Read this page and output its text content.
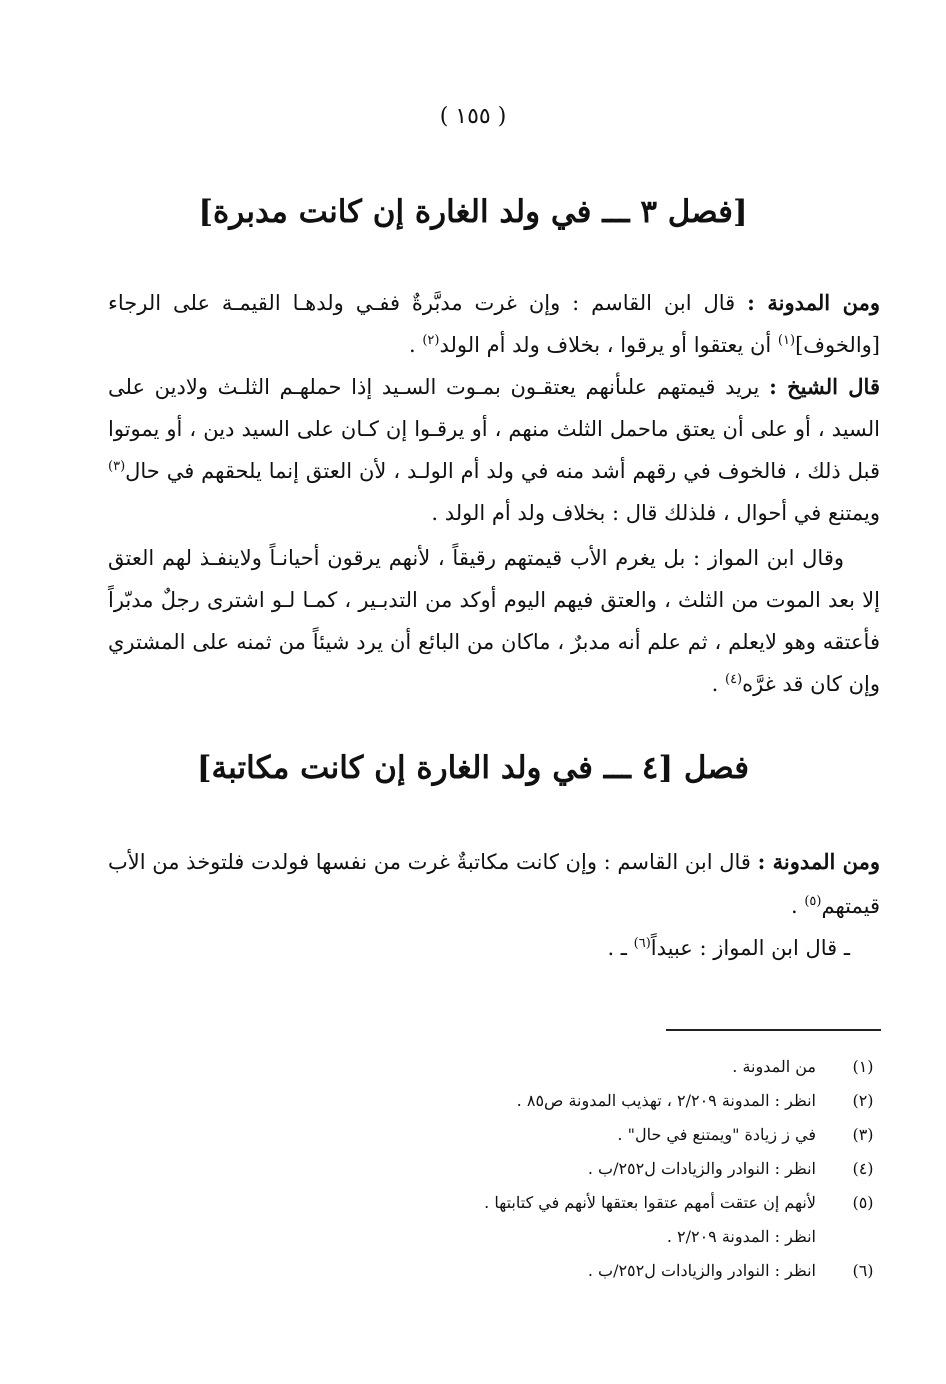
( ١٥٥ )
[فصل ٣ ـــ في ولد الغارة إن كانت مدبرة]

ومن المدونة : قال ابن القاسم : وإن غرت مدبَّرةٌ ففـي ولدهـا القيمـة على الرجاء [والخوف]$^{(١)}$ أن يعتقوا أو يرقوا ، بخلاف ولد أم الولد$^{(٢)}$ .

قال الشيخ : يريد قيمتهم علىأنهم يعتقـون بمـوت السـيد إذا حملهـم الثلـث ولادين على السيد ، أو على أن يعتق ماحمل الثلث منهم ، أو يرقـوا إن كـان على السيد دين ، أو يموتوا قبل ذلك ، فالخوف في رقهم أشد منه في ولد أم الولـد ، لأن العتق إنما يلحقهم في حال$^{(٣)}$ ويمتنع في أحوال ، فلذلك قال : بخلاف ولد أم الولد .

وقال ابن المواز : بل يغرم الأب قيمتهم رقيقاً ، لأنهم يرقون أحيانـاً ولاينفـذ لهم العتق إلا بعد الموت من الثلث ، والعتق فيهم اليوم أوكد من التدبـير ، كمـا لـو اشترى رجلٌ مدبّراً فأعتقه وهو لايعلم ، ثم علم أنه مدبرٌ ، ماكان من البائع أن يرد شيئاً من ثمنه على المشتري وإن كان قد غرَّه$^{(٤)}$ .

فصل [٤ ـــ في ولد الغارة إن كانت مكاتبة]

ومن المدونة : قال ابن القاسم : وإن كانت مكاتبةٌ غرت من نفسها فولدت فلتوخذ من الأب قيمتهم$^{(٥)}$ .

ـ قال ابن المواز : عبيداً$^{(٦)}$ ـ .

(١)
من المدونة .
(٢)
انظر : المدونة ٢/٢٠٩ ، تهذيب المدونة ص٨٥ .
(٣)
في ز زيادة "ويمتنع في حال" .
(٤)
انظر : النوادر والزيادات ل٢٥٢/ب .
(٥)
لأنهم إن عتقت أمهم عتقوا بعتقها لأنهم في كتابتها .
انظر : المدونة ٢/٢٠٩ .
(٦)
انظر : النوادر والزيادات ل٢٥٢/ب .
